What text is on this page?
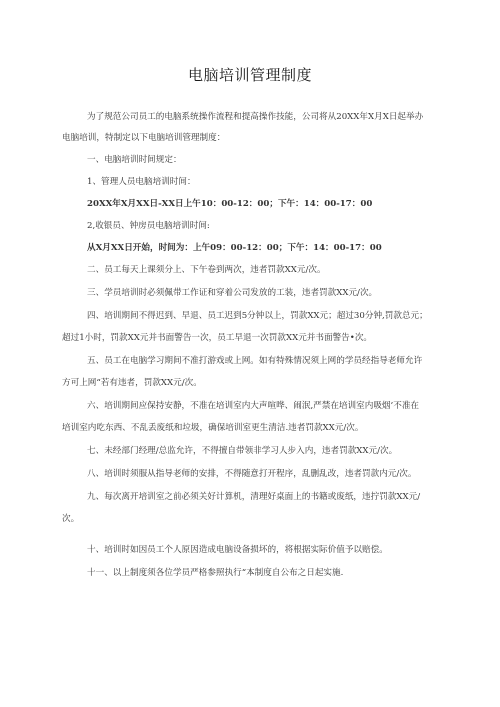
电脑培训管理制度
为了规范公司员工的电脑系统操作流程和提高操作技能，公司将从20XX年X月X日起举办
电脑培训，特制定以下电脑培训管理制度：
一、电脑培训时间规定：
1、管理人员电脑培训时间：
20XX年X月XX日-XX日上午10：00-12：00；下午：14：00-17：00
2,收银员、钟房员电脑培训时间:
从X月XX日开始，时间为：上午09：00-12：00；下午：14：00-17：00
二、员工每天上课须分上、下午卷到两次，违者罚款XX元/次。
三、学员培训时必须佩带工作证和穿着公司发放的工装，违者罚款XX元/次。
四、培训期间不得迟到、早退、员工迟到5分钟以上，罚款XX元；超过30分钟,罚款总元；
超过1小时，罚款XX元并书面警告一次，员工早退一次罚款XX元并书面警告•次。
五、员工在电脑学习期间不准打游戏或上网。如有特殊情况须上网的学员经指导老师允许
方可上网“若有违者，罚款XX元/次。
六、培训期间应保持安静，不准在培训室内大声喧哗、闹泯,严禁在培训室内吸烟’不准在
培训室内吃东西、不乱丢废纸和垃圾，确保培训室更生清洁.违者罚款XX元/次。
七、未经部门经理/总监允许，不得擅自带领非学习人步入内，违者罚款XX元/次。
八、培训时须服从指导老师的安排，不得随意打开程序，乱删乱改，违者罚款内元/次。
九、每次离开培训室之前必须关好计算机，清理好桌面上的书籍或废纸，违拧罚款XX元/
次。
十、培训时如因员工个人原因造成电脑设备损坏的，将根据实际价值予以赔偿。
十一、以上制度须各位学员严格参照执行“本制度自公布之日起实施.
